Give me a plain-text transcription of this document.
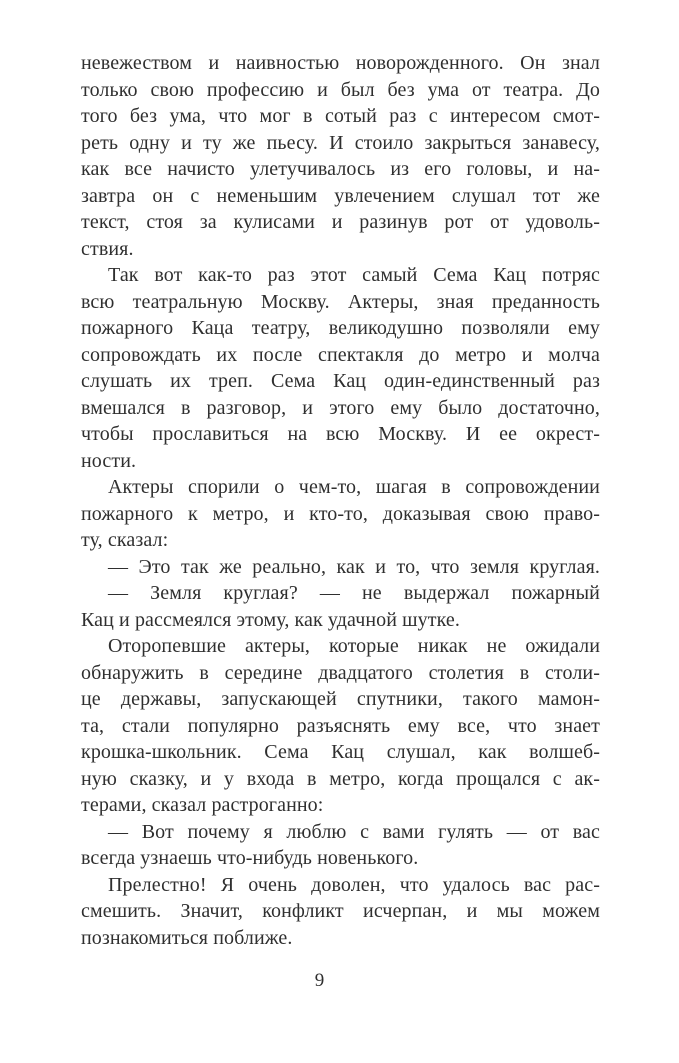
невежеством и наивностью новорожденного. Он знал
только свою профессию и был без ума от театра. До
того без ума, что мог в сотый раз с интересом смот-
реть одну и ту же пьесу. И стоило закрыться занавесу,
как все начисто улетучивалось из его головы, и на-
завтра он с неменьшим увлечением слушал тот же
текст, стоя за кулисами и разинув рот от удоволь-
ствия.
Так вот как-то раз этот самый Сема Кац потряс
всю театральную Москву. Актеры, зная преданность
пожарного Каца театру, великодушно позволяли ему
сопровождать их после спектакля до метро и молча
слушать их треп. Сема Кац один-единственный раз
вмешался в разговор, и этого ему было достаточно,
чтобы прославиться на всю Москву. И ее окрест-
ности.
Актеры спорили о чем-то, шагая в сопровождении
пожарного к метро, и кто-то, доказывая свою право-
ту, сказал:
— Это так же реально, как и то, что земля круглая.
— Земля круглая? — не выдержал пожарный
Кац и рассмеялся этому, как удачной шутке.
Оторопевшие актеры, которые никак не ожидали
обнаружить в середине двадцатого столетия в столи-
це державы, запускающей спутники, такого мамон-
та, стали популярно разъяснять ему все, что знает
крошка-школьник. Сема Кац слушал, как волшеб-
ную сказку, и у входа в метро, когда прощался с ак-
терами, сказал растроганно:
— Вот почему я люблю с вами гулять — от вас
всегда узнаешь что-нибудь новенького.
Прелестно! Я очень доволен, что удалось вас рас-
смешить. Значит, конфликт исчерпан, и мы можем
познакомиться поближе.
9
